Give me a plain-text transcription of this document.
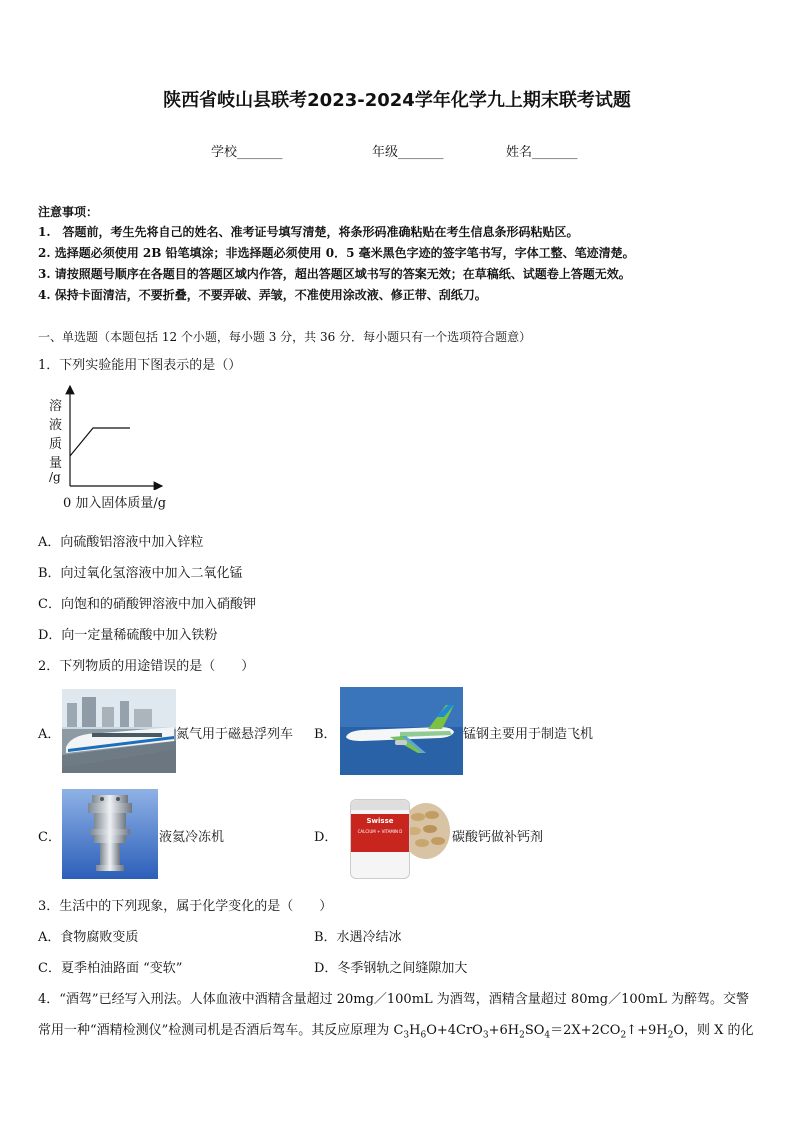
陕西省岐山县联考2023-2024学年化学九上期末联考试题
学校_______	年级_______	姓名_______
注意事项：
1.　答题前，考生先将自己的姓名、准考证号填写清楚，将条形码准确粘贴在考生信息条形码粘贴区。
2. 选择题必须使用 2B 铅笔填涂；非选择题必须使用 0．5 毫米黑色字迹的签字笔书写，字体工整、笔迹清楚。
3. 请按照题号顺序在各题目的答题区域内作答，超出答题区域书写的答案无效；在草稿纸、试题卷上答题无效。
4. 保持卡面清洁，不要折叠，不要弄破、弄皱，不准使用涂改液、修正带、刮纸刀。
一、单选题（本题包括 12 个小题，每小题 3 分，共 36 分．每小题只有一个选项符合题意）
1．下列实验能用下图表示的是（）
溶
液
质
量
/g
0 加入固体质量/g
A．向硫酸铝溶液中加入锌粒
B．向过氧化氢溶液中加入二氧化锰
C．向饱和的硝酸钾溶液中加入硝酸钾
D．向一定量稀硫酸中加入铁粉
2．下列物质的用途错误的是（　　）
A．	氮气用于磁悬浮列车 B．	锰钢主要用于制造飞机
C．	液氦冷冻机	D．
Swisse
CALCIUM + VITAMIN D	碳酸钙做补钙剂
3．生活中的下列现象，属于化学变化的是（　　）
A．食物腐败变质	B．水遇冷结冰
C．夏季柏油路面 “变软”	D．冬季钢轨之间缝隙加大
4．“酒驾”已经写入刑法。人体血液中酒精含量超过 20mg／100mL 为酒驾，酒精含量超过 80mg／100mL 为醉驾。交警
常用一种“酒精检测仪”检测司机是否酒后驾车。其反应原理为 $C_3H_6O+4CrO_3+6H_2SO_4=2X+2CO_2↑+9H_2O$，则 X 的化
